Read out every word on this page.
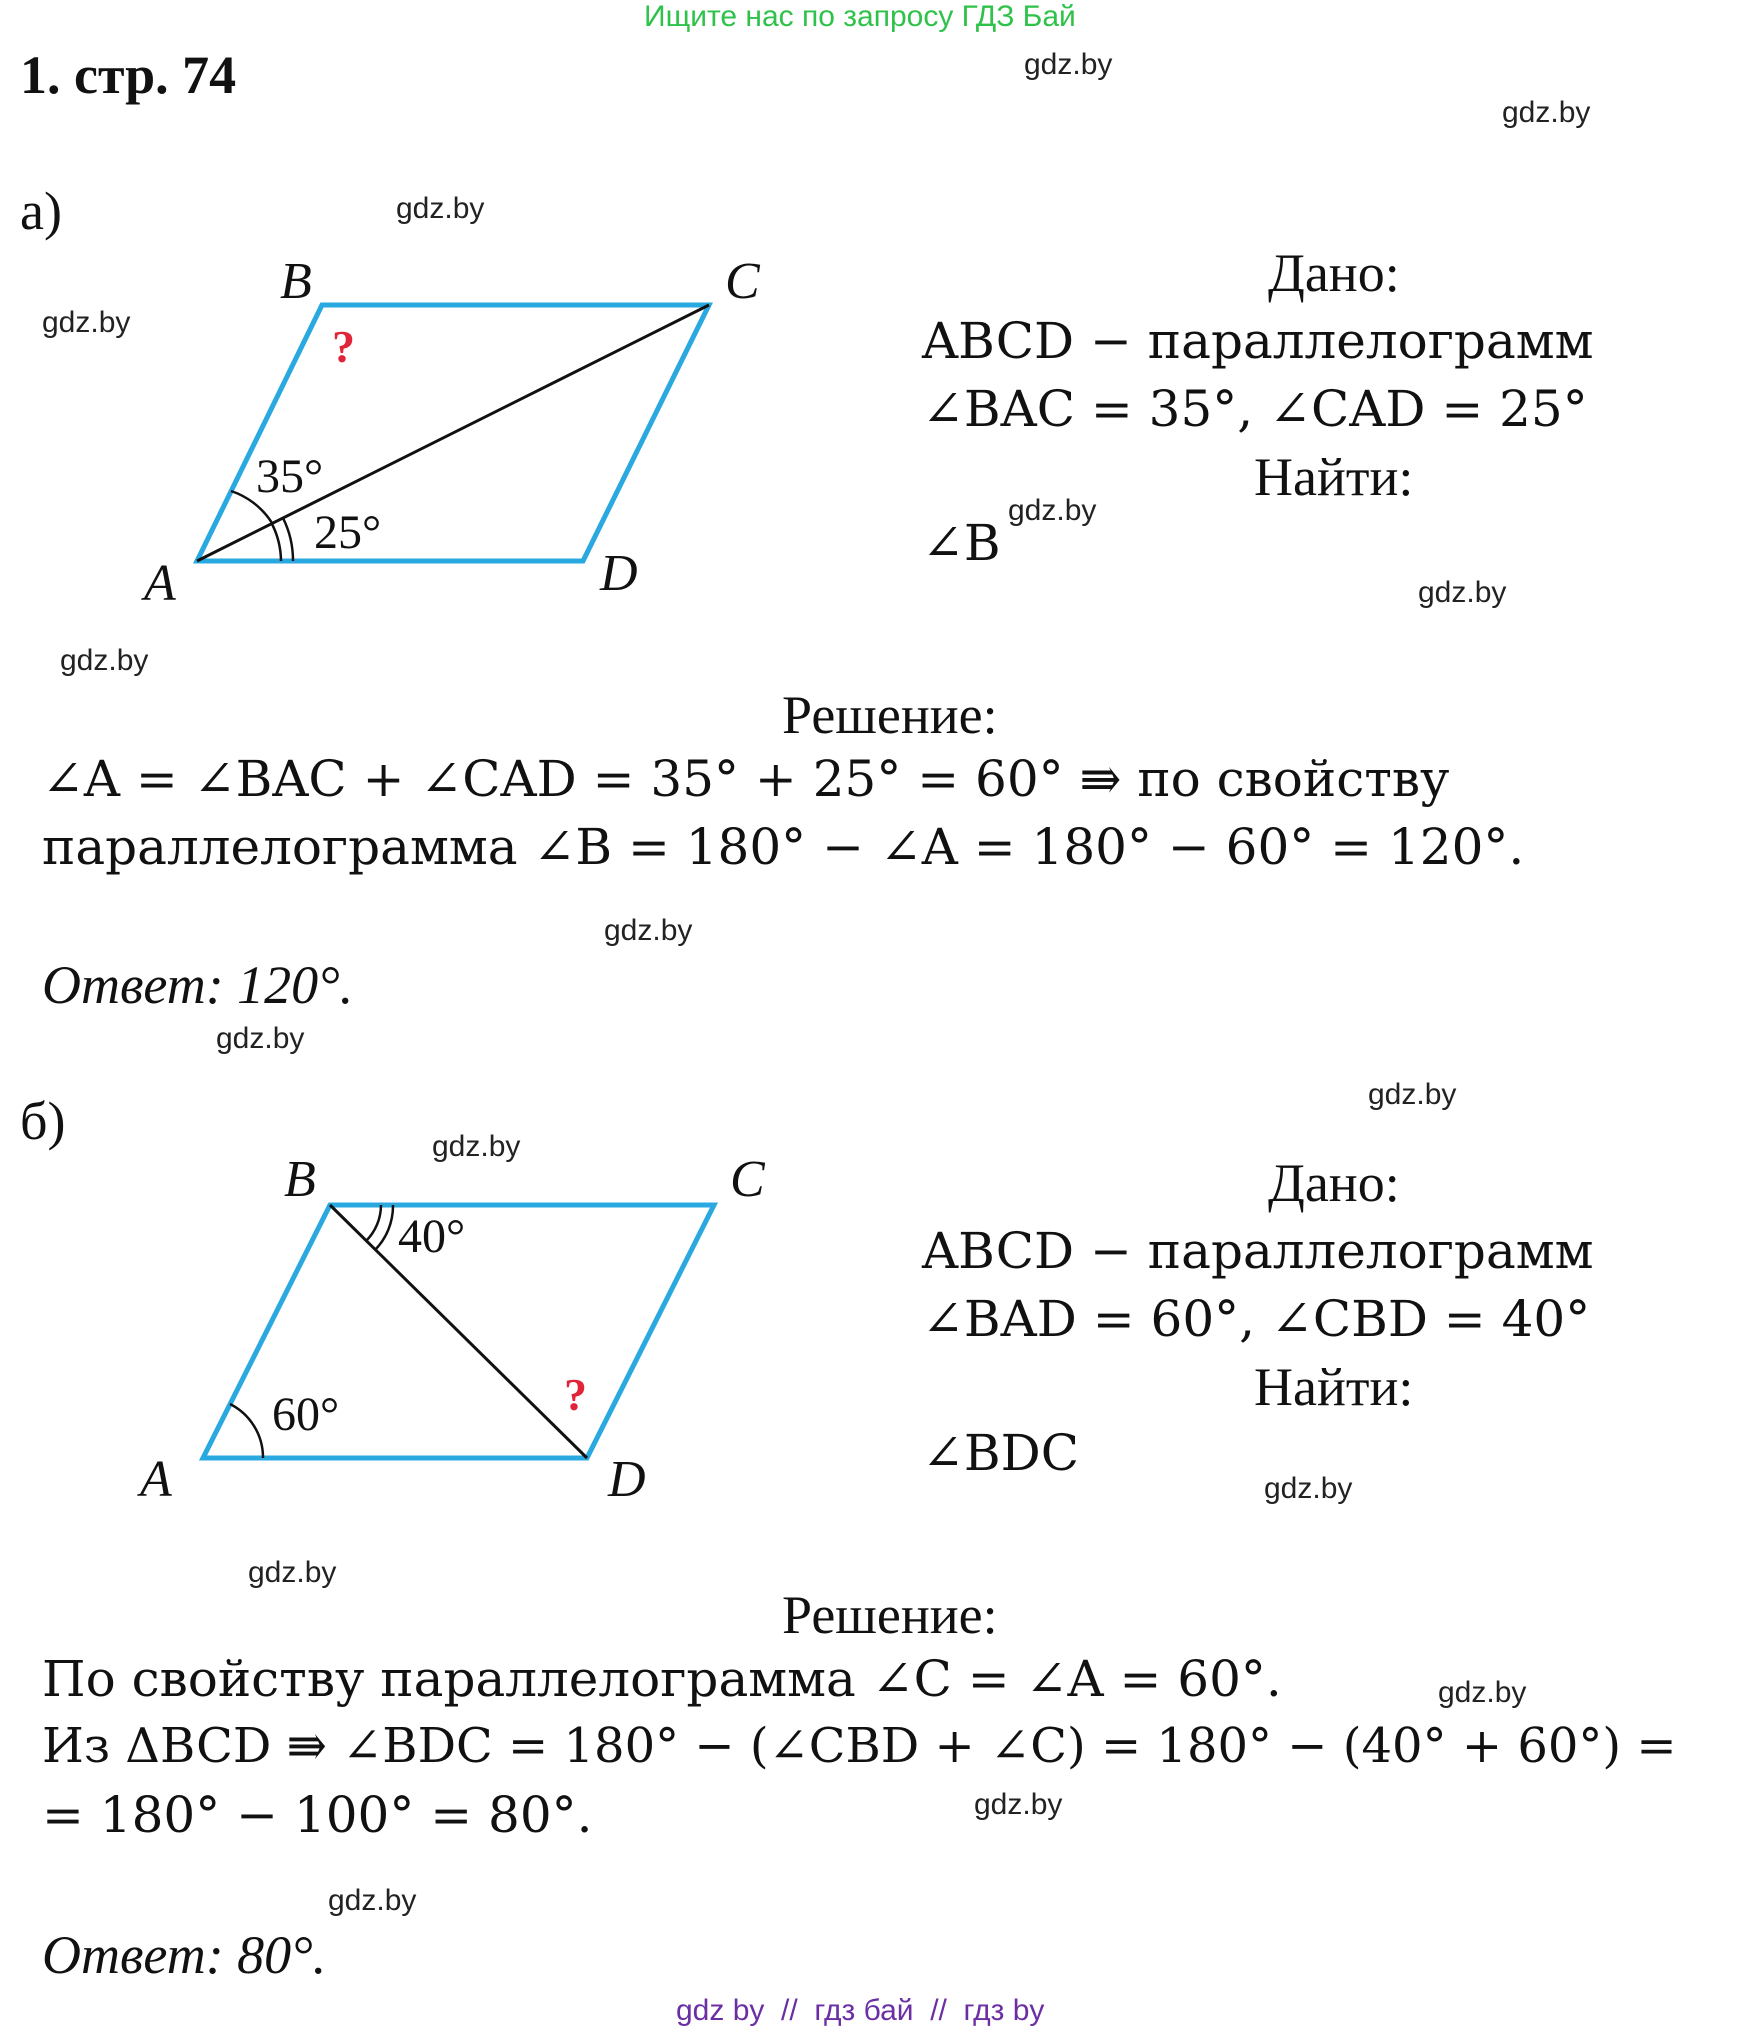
Ищите нас по запросу ГДЗ Бай
1. стр. 74	gdz.by
gdz.by
gdz.by
gdz.by
gdz.by
gdz.by
gdz.by
gdz.by
gdz.by
gdz.by
gdz.by
gdz.by
gdz.by
gdz.by
gdz.by
gdz.by
а)
B	C
A	D
35°
25°
?
Дано:
ABCD − параллелограмм
∠BAC = 35°, ∠CAD = 25°
Найти:
∠B
Решение:
∠A = ∠BAC + ∠CAD = 35° + 25° = 60° ⇛ по свойству
параллелограмма ∠B = 180° − ∠A = 180° − 60° = 120°.
Ответ: 120°.
б)
B	C
A	D
40°
60°	?
Дано:
ABCD − параллелограмм
∠BAD = 60°, ∠CBD = 40°
Найти:
∠BDC
Решение:
По свойству параллелограмма ∠C = ∠A = 60°.
Из ΔBCD ⇛ ∠BDC = 180° − (∠CBD + ∠C) = 180° − (40° + 60°) =
= 180° − 100° = 80°.
Ответ: 80°.
gdz by  //  гдз бай  //  гдз by
